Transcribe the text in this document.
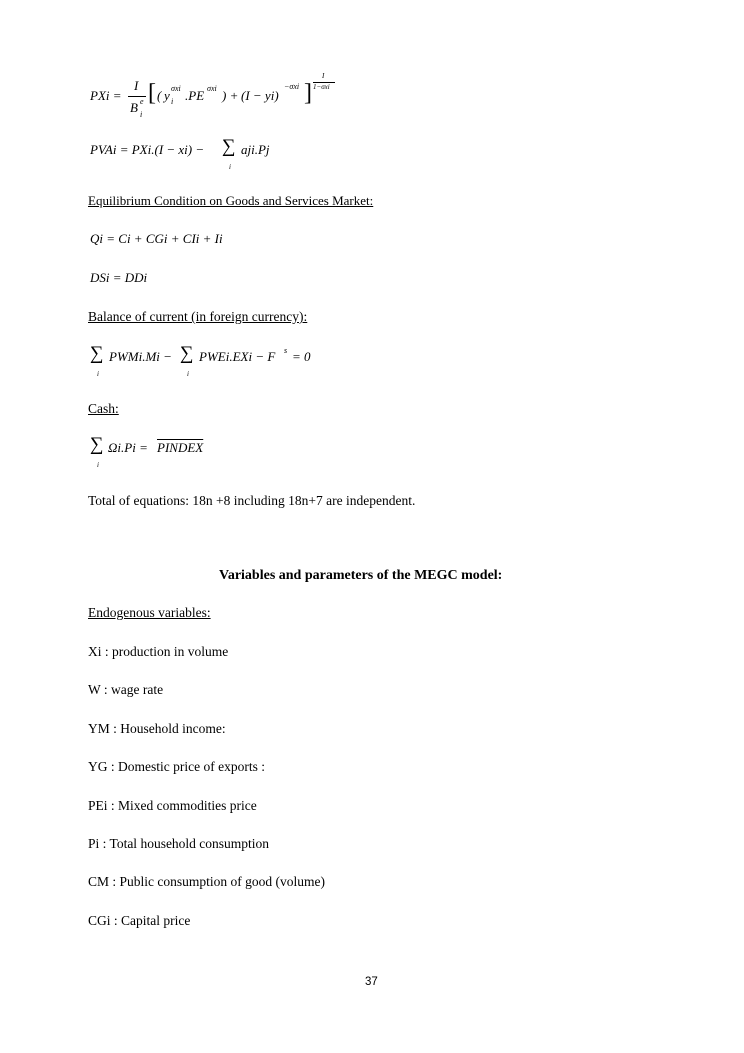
PXi =
I
B e
i
[ ( y σxi
i .PE σxi ) + (I − yi)
−σxi ]
I
1−σxi
PVAi = PXi.(I − xi) − ∑
i
aji.Pj
Equilibrium Condition on Goods and Services Market:
Qi = Ci + CGi + CIi + Ii
DSi = DDi
Balance of current (in foreign currency):
∑
i
PWMi.Mi − ∑
i
PWEi.EXi − F s = 0
Cash:
∑
i
Ωi.Pi = PINDEX
Total of equations: 18n +8 including 18n+7 are independent.
Variables and parameters of the MEGC model:
Endogenous variables:
Xi : production in volume
W : wage rate
YM : Household income:
YG : Domestic price of exports :
PEi : Mixed commodities price
Pi : Total household consumption
CM : Public consumption of good (volume)
CGi : Capital price
37
